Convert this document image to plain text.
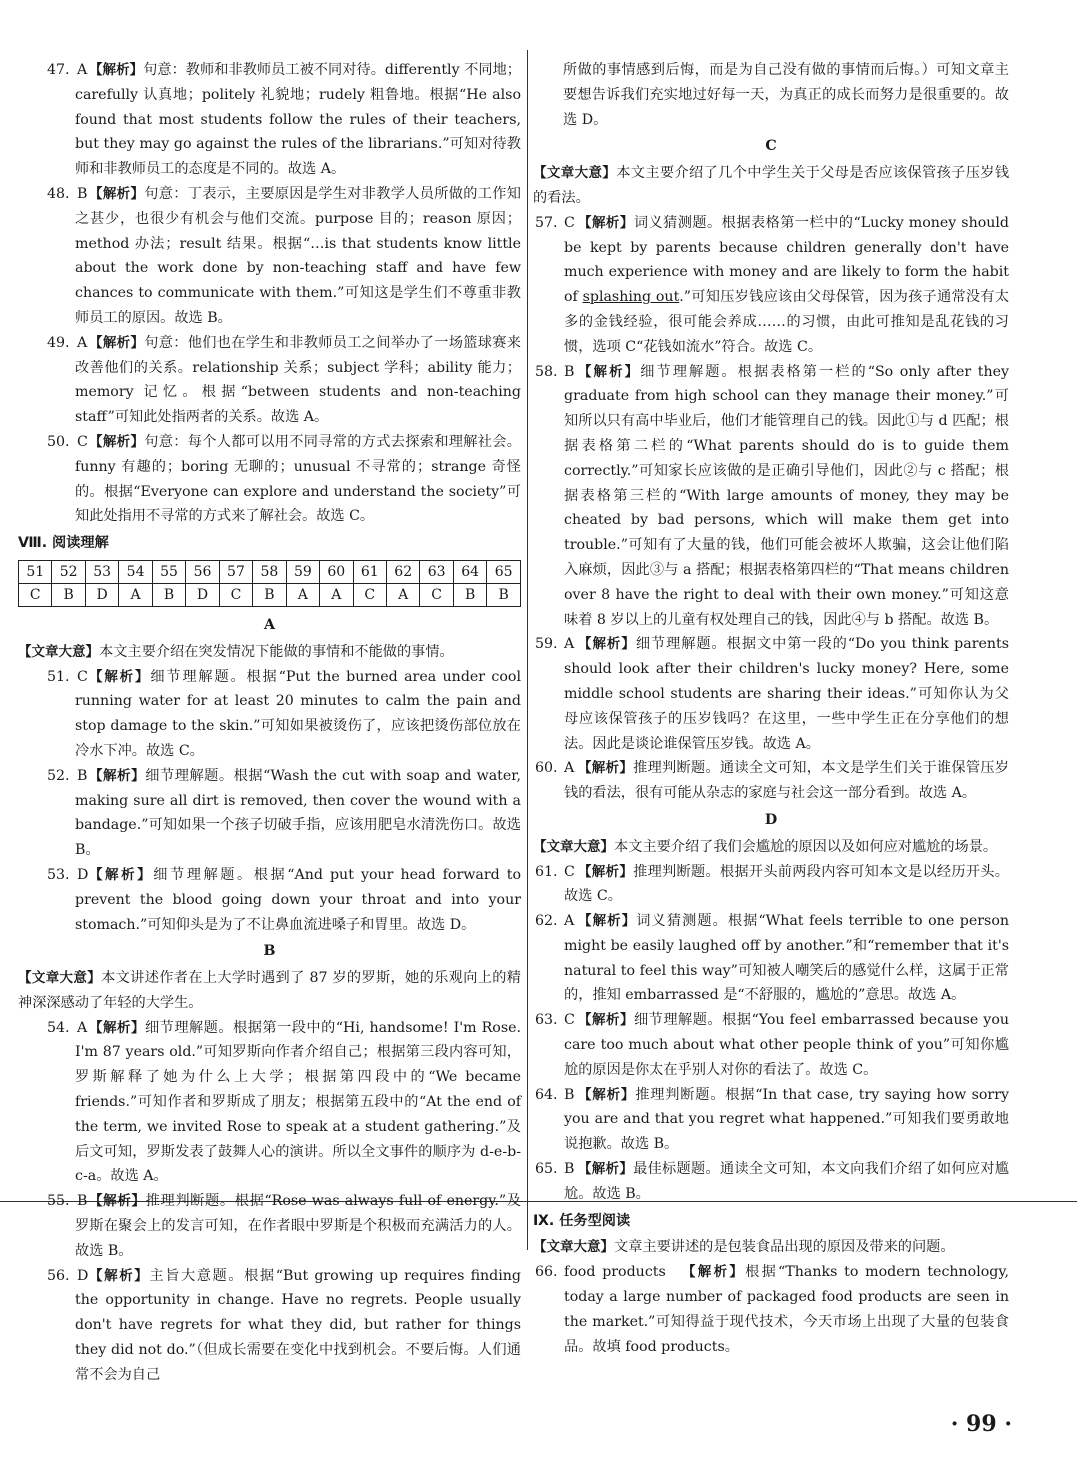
47. A 【解析】句意：教师和非教师员工被不同对待。differently 不同地；carefully 认真地；politely 礼貌地；rudely 粗鲁地。根据“He also found that most students follow the rules of their teachers, but they may go against the rules of the librarians.”可知对待教师和非教师员工的态度是不同的。故选 A。

48. B 【解析】句意：丁表示，主要原因是学生对非教学人员所做的工作知之甚少，也很少有机会与他们交流。purpose 目的；reason 原因；method 办法；result 结果。根据“…is that students know little about the work done by non-teaching staff and have few chances to communicate with them.”可知这是学生们不尊重非教师员工的原因。故选 B。

49. A 【解析】句意：他们也在学生和非教师员工之间举办了一场篮球赛来改善他们的关系。relationship 关系；subject 学科；ability 能力；memory 记忆。根据“between students and non-teaching staff”可知此处指两者的关系。故选 A。

50. C 【解析】句意：每个人都可以用不同寻常的方式去探索和理解社会。funny 有趣的；boring 无聊的；unusual 不寻常的；strange 奇怪的。根据“Everyone can explore and understand the society”可知此处指用不寻常的方式来了解社会。故选 C。

Ⅷ. 阅读理解
51	52	53	54	55	56	57	58	59	60	61	62	63	64	65
C	B	D	A	B	D	C	B	A	A	C	A	C	B	B
A

【文章大意】本文主要介绍在突发情况下能做的事情和不能做的事情。

51. C 【解析】细节理解题。根据“Put the burned area under cool running water for at least 20 minutes to calm the pain and stop damage to the skin.”可知如果被烫伤了，应该把烫伤部位放在冷水下冲。故选 C。

52. B 【解析】细节理解题。根据“Wash the cut with soap and water, making sure all dirt is removed, then cover the wound with a bandage.”可知如果一个孩子切破手指，应该用肥皂水清洗伤口。故选 B。

53. D 【解析】细节理解题。根据“And put your head forward to prevent the blood going down your throat and into your stomach.”可知仰头是为了不让鼻血流进嗓子和胃里。故选 D。

B

【文章大意】本文讲述作者在上大学时遇到了 87 岁的罗斯，她的乐观向上的精神深深感动了年轻的大学生。

54. A 【解析】细节理解题。根据第一段中的“Hi, handsome! I'm Rose. I'm 87 years old.”可知罗斯向作者介绍自己；根据第三段内容可知，罗斯解释了她为什么上大学；根据第四段中的“We became friends.”可知作者和罗斯成了朋友；根据第五段中的“At the end of the term, we invited Rose to speak at a student gathering.”及后文可知，罗斯发表了鼓舞人心的演讲。所以全文事件的顺序为 d-e-b-c-a。故选 A。

55. B 【解析】推理判断题。根据“Rose was always full of energy.”及罗斯在聚会上的发言可知，在作者眼中罗斯是个积极而充满活力的人。故选 B。

56. D 【解析】主旨大意题。根据“But growing up requires finding the opportunity in change. Have no regrets. People usually don't have regrets for what they did, but rather for things they did not do.”（但成长需要在变化中找到机会。不要后悔。人们通常不会为自己

所做的事情感到后悔，而是为自己没有做的事情而后悔。）可知文章主要想告诉我们充实地过好每一天，为真正的成长而努力是很重要的。故选 D。

C

【文章大意】本文主要介绍了几个中学生关于父母是否应该保管孩子压岁钱的看法。

57. C 【解析】词义猜测题。根据表格第一栏中的“Lucky money should be kept by parents because children generally don't have much experience with money and are likely to form the habit of splashing out.”可知压岁钱应该由父母保管，因为孩子通常没有太多的金钱经验，很可能会养成……的习惯，由此可推知是乱花钱的习惯，选项 C“花钱如流水”符合。故选 C。

58. B 【解析】细节理解题。根据表格第一栏的“So only after they graduate from high school can they manage their money.”可知所以只有高中毕业后，他们才能管理自己的钱。因此①与 d 匹配；根据表格第二栏的“What parents should do is to guide them correctly.”可知家长应该做的是正确引导他们，因此②与 c 搭配；根据表格第三栏的“With large amounts of money, they may be cheated by bad persons, which will make them get into trouble.”可知有了大量的钱，他们可能会被坏人欺骗，这会让他们陷入麻烦，因此③与 a 搭配；根据表格第四栏的“That means children over 8 have the right to deal with their own money.”可知这意味着 8 岁以上的儿童有权处理自己的钱，因此④与 b 搭配。故选 B。

59. A 【解析】细节理解题。根据文中第一段的“Do you think parents should look after their children's lucky money? Here, some middle school students are sharing their ideas.”可知你认为父母应该保管孩子的压岁钱吗？在这里，一些中学生正在分享他们的想法。因此是谈论谁保管压岁钱。故选 A。

60. A 【解析】推理判断题。通读全文可知，本文是学生们关于谁保管压岁钱的看法，很有可能从杂志的家庭与社会这一部分看到。故选 A。

D

【文章大意】本文主要介绍了我们会尴尬的原因以及如何应对尴尬的场景。

61. C 【解析】推理判断题。根据开头前两段内容可知本文是以经历开头。故选 C。

62. A 【解析】词义猜测题。根据“What feels terrible to one person might be easily laughed off by another.”和“remember that it's natural to feel this way”可知被人嘲笑后的感觉什么样，这属于正常的，推知 embarrassed 是“不舒服的，尴尬的”意思。故选 A。

63. C 【解析】细节理解题。根据“You feel embarrassed because you care too much about what other people think of you”可知你尴尬的原因是你太在乎别人对你的看法了。故选 C。

64. B 【解析】推理判断题。根据“In that case, try saying how sorry you are and that you regret what happened.”可知我们要勇敢地说抱歉。故选 B。

65. B 【解析】最佳标题题。通读全文可知，本文向我们介绍了如何应对尴尬。故选 B。

Ⅸ. 任务型阅读

【文章大意】文章主要讲述的是包装食品出现的原因及带来的问题。

66. food products 【解析】根据“Thanks to modern technology, today a large number of packaged food products are seen in the market.”可知得益于现代技术，今天市场上出现了大量的包装食品。故填 food products。

· 99 ·
